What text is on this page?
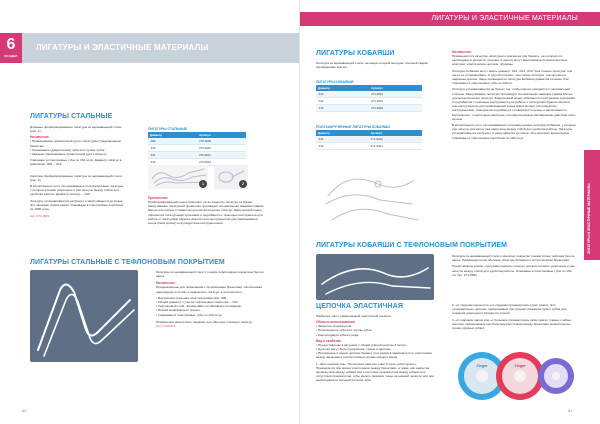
6
РАЗДЕЛ
ЛИГАТУРЫ И ЭЛАСТИЧНЫЕ МАТЕРИАЛЫ
ЛИГАТУРЫ СТАЛЬНЫЕ
Длинные преформированные лигатуры из нержавеющей стали (рис. 1).
Назначение:
• Привязывание проволочной дуги к лигатурам (традиционным брекетам.
• Связывание (диверсионно) зуба или группы зубов.
• Задание привязывание проволочной дуги к брекету.
Упаковано в пластиковые тубы по 334 штук. Диаметр лигатур в диапазоне .009 – .012.
Короткие преформированные лигатуры из нержавеющей стали (рис. 2).
В ассортименте есть так называемые полупрозрачные лигатуры, у которых кончики укорочены и уже загнуты между собой для удобства работы. Диаметр лигатур – .010.
Лигатуры устанавливаются на брекет и закручиваются до конца. Это экономит время врача. Упакованы в пластиковые коробочки по 1000 штук.
Арт. 271-0001
ЛИГАТУРЫ СТАЛЬНЫЕ
Диаметр	Артикул
.009	270-0009
.010	270-0010
.011	270-0011
.012	270-0012
1	2
Применение
Преформированный конец позволяет легко зацепить лигатуру за брекет. Закручивание лигатурной проволоки производят специальным зажимом (зажим Мэтью или щипцы Стоквелла) для металлических лигатур. Закрученный конец обрезается лигатурными кусачками и подгибается с помощью инструмента для работы с лигатурами (ligature-director) или инструментом для привязывания конца (band pusher) или раздатчика инструментами.
ЛИГАТУРЫ СТАЛЬНЫЕ С ТЕФЛОНОВЫМ ПОКРЫТИЕМ
Лигатуры из нержавеющей стали с тонким тефлоновым покрытием белого цвета.
Назначение:
Предназначены для применения с прозрачными брекетами, обеспечивая однородную эстетику и надежность лигатур, а эстетичность.
• Внутренняя стальная лигатура диаметром .009.
• Общий диаметр с учетом тефлонового покрытия – .012.
• Тефлоновый слой, чрезвычайно устойчивый к истиранию.
• Низкий коэффициент трения.
• Упакованы в пластиковые тубы по 100 штук.
Применение аналогично таковому для обычных стальных лигатур.
Арт. 272/0012
60
ЛИГАТУРЫ И ЭЛАСТИЧНЫЕ МАТЕРИАЛЫ
ЛИГАТУРЫ И ЭЛАСТИЧНЫЕ МАТЕРИАЛЫ
ЛИГАТУРЫ КОБАЯШИ
Лигатура из нержавеющей стали, на конце который методом точечной сварки сформирован крючок.
ЛИГАТУРЫ КОБАЯШИ
Диаметр	Артикул
.012	271-0012
.014	271-0014
.016	271-0016
ПОЛУЗАКРУЧЕННЫЕ ЛИГАТУРЫ КОБАЯШИ
Диаметр	Артикул
.012	271-S012
.014	271-S014
Назначение:
Применяются в качестве лигатурного крючка на том брекете, на котором это необходимо в процессе лечения. К крючку могут фиксироваться межчелюстные эластики, эластические цепочки, пружины.
Лигатуры Кобаяши могут иметь диаметр .012, .014, .016. Чем тоньше лигатура, тем легче ее устанавливать. С другой стороны, чем толще лигатура, тем прочнее и надежнее крючок. Чаще применяются лигатуры Кобаяши диаметра сечения .012. Упакованы в пластиковые тубы по 100 шт.
Лигатура устанавливается на брекет так, чтобы крючок находился с гингивальной стороны. Закручивание лигатуры производят специальным зажимом (зажим Мэтью для металлических лигатур). Закрученный конец обрезается лигатурными кусачками и подгибается с помощью инструмента для работы с лигатурами (ligature-director) или инструментом для привязывания конца (band pusher) или раздатчик инструментами. Сам крючок подгибается к поверхности десны и располагается вертикально, с некоторым наклоном, противоположным направлению действия силы на нем.
В ассортименте есть так называемые полузакрученные лигатуры Кобаяши, у которых уже загнуты кончики и уже закручены между собой для удобства работы. Лигатура устанавливается на брекет и закручивается до конца. Это экономит время врача. Упакованы в пластиковые коробочки по 100 штук.
ЛИГАТУРЫ КОБАЯШИ С ТЕФЛОНОВЫМ ПОКРЫТИЕМ
Лигатура из нержавеющей стали с крючком, покрытая тонким слоем тефлона белого цвета. Применяются как обычные лигатуры Кобаяши с эстетическими брекетами.
Представлены в виде «полузакрученных» лигатур, кончики которых укорочены и уже загнуты между собой для удобства работы. Упакованы в пластиковые тубы по 100 шт. Арт. 271-0004
ЦЕПОЧКА ЭЛАСТИЧНАЯ
Наиболее часто применяемый эластичный элемент.
Области использования
• Закрытие промежутков.
• Перемещение зуба или группы зубов.
• Консолидация зубного ряда.
Вид и свойства
• Предоставлены в катушках с общей длиной цепочки 4 метра.
• Цепочки могут быть прозрачные, серые и цветные.
• Прозрачные и серые цепочки бывают трех видов в зависимости от расстояния между звеньями и соответственно длины каждого звена.
1. «Без промежутка». На катушке нанесен ответ в поле «short space». Применяется при малых расстояниях между брекетами, а также для закрытия промежутков между зубами или отсутствие промежутков между зубами или отсутствии промежутков, зубы малого размера, чаще на нижней челюсти или при необходимости сильной ротации зуба.
2. «С средним шагом или «со средним промежутком» (open space). Эти «стандартные» цепочки, применяемые при средних размерах зуба и зубов для создания умеренного (среднего) усилия.
3. «С широким шагом или «с большим промежутком» (wide space). Самые слабые цепочки, применяемые при большом расстоянии между брекетами (значительных трема, крупных зубах).
Zinger	Zinger
61
